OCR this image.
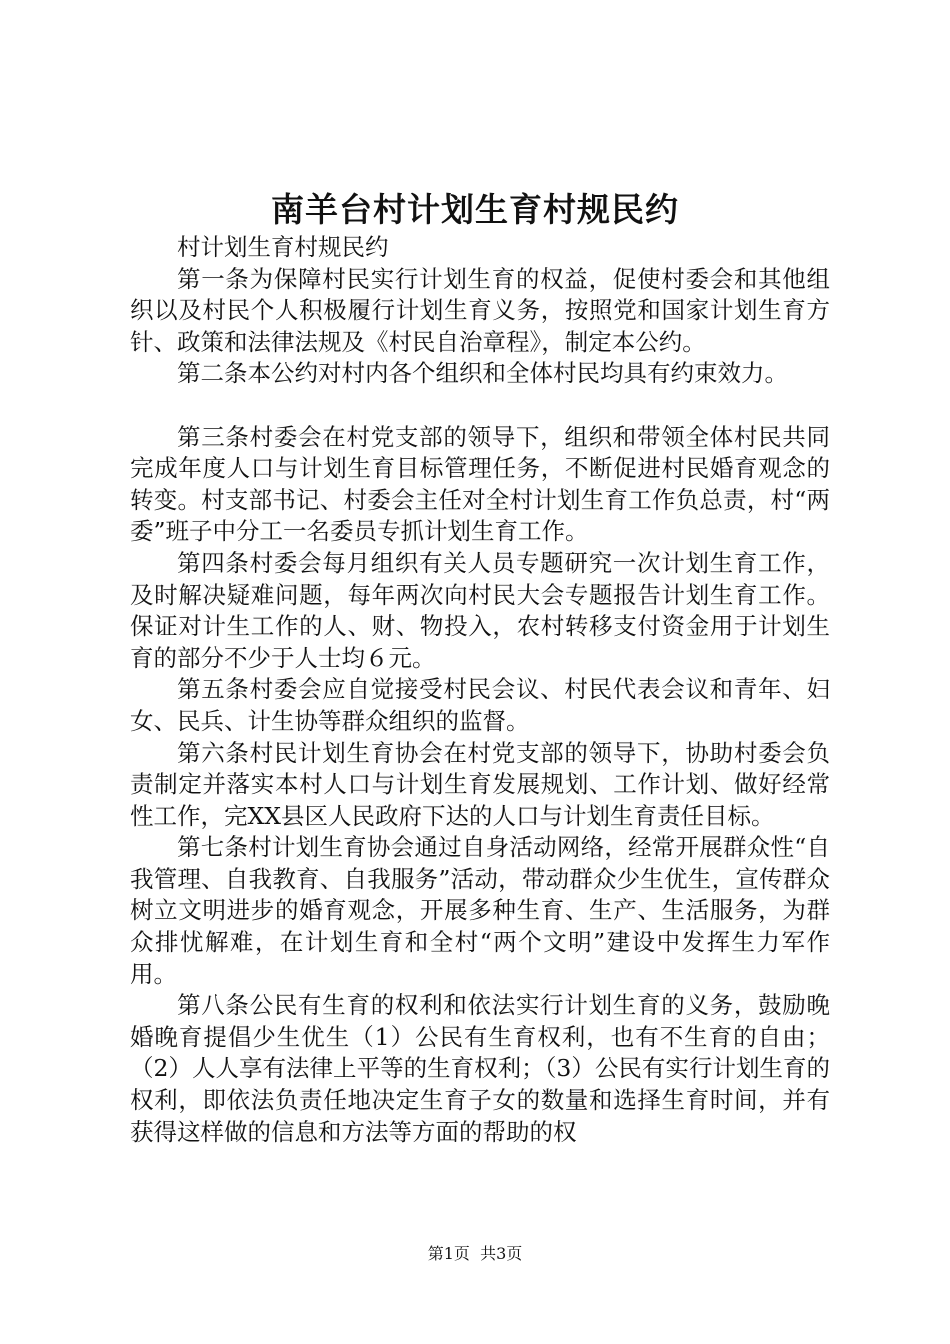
南羊台村计划生育村规民约

村计划生育村规民约

第一条为保障村民实行计划生育的权益，促使村委会和其他组织以及村民个人积极履行计划生育义务，按照党和国家计划生育方针、政策和法律法规及《村民自治章程》，制定本公约。

第二条本公约对村内各个组织和全体村民均具有约束效力。

第三条村委会在村党支部的领导下，组织和带领全体村民共同完成年度人口与计划生育目标管理任务，不断促进村民婚育观念的转变。村支部书记、村委会主任对全村计划生育工作负总责，村“两委”班子中分工一名委员专抓计划生育工作。

第四条村委会每月组织有关人员专题研究一次计划生育工作，及时解决疑难问题，每年两次向村民大会专题报告计划生育工作。保证对计生工作的人、财、物投入，农村转移支付资金用于计划生育的部分不少于人士均６元。

第五条村委会应自觉接受村民会议、村民代表会议和青年、妇女、民兵、计生协等群众组织的监督。

第六条村民计划生育协会在村党支部的领导下，协助村委会负责制定并落实本村人口与计划生育发展规划、工作计划、做好经常性工作，完XX县区人民政府下达的人口与计划生育责任目标。

第七条村计划生育协会通过自身活动网络，经常开展群众性“自我管理、自我教育、自我服务”活动，带动群众少生优生，宣传群众树立文明进步的婚育观念，开展多种生育、生产、生活服务，为群众排忧解难，在计划生育和全村“两个文明”建设中发挥生力军作用。

第八条公民有生育的权利和依法实行计划生育的义务，鼓励晚婚晚育提倡少生优生（1）公民有生育权利，也有不生育的自由；（2）人人享有法律上平等的生育权利；（3）公民有实行计划生育的权利，即依法负责任地决定生育子女的数量和选择生育时间，并有获得这样做的信息和方法等方面的帮助的权

第1页 共3页
